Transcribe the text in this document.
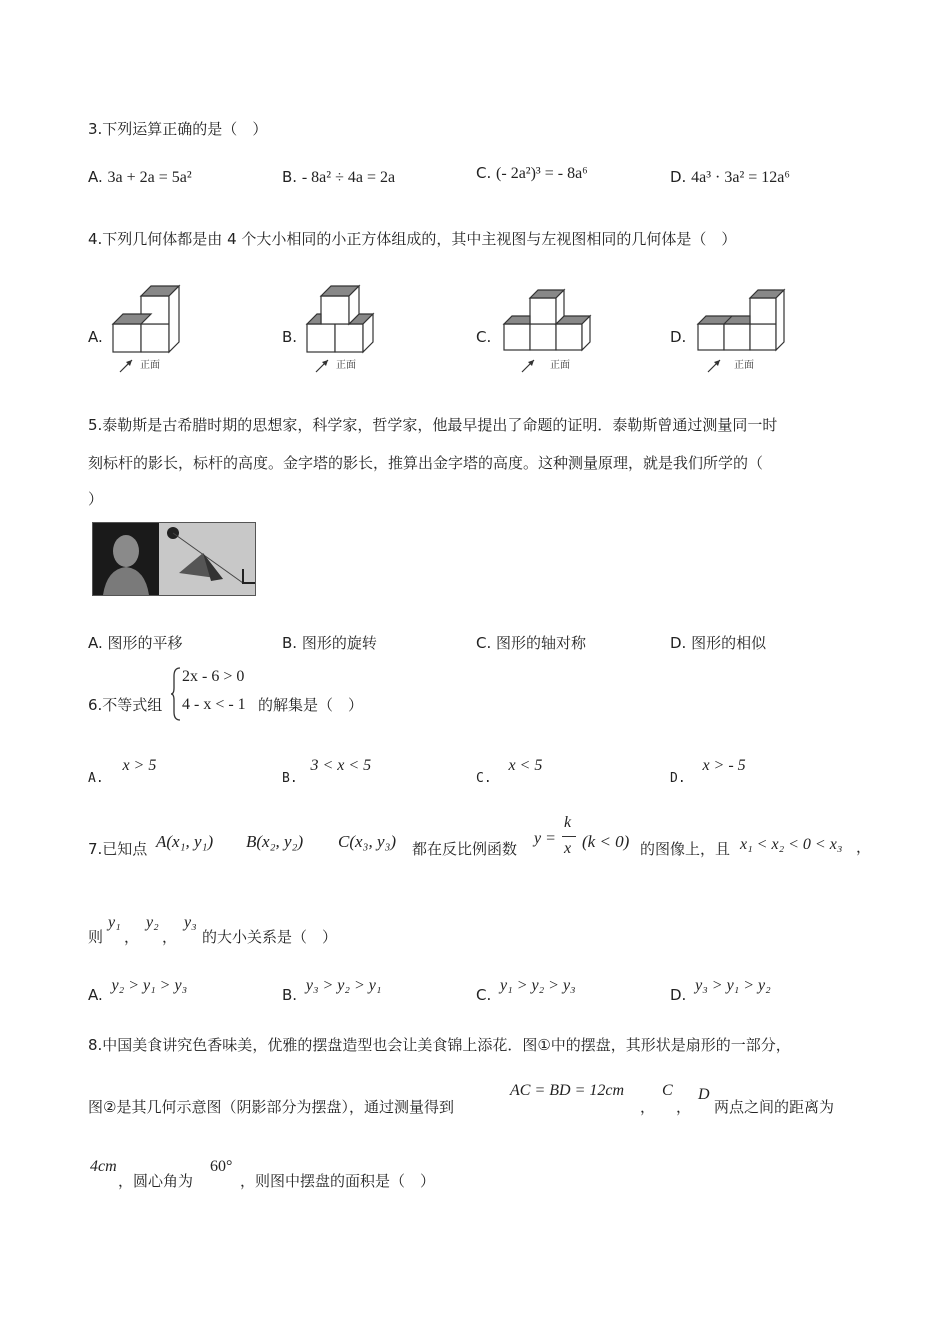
3.下列运算正确的是（　）
A. 3a + 2a = 5a²	B. - 8a² ÷ 4a = 2a	C. (- 2a²)³ = - 8a⁶	D. 4a³ · 3a² = 12a⁶
4.下列几何体都是由 4 个大小相同的小正方体组成的，其中主视图与左视图相同的几何体是（　）
A.	B.	C.	D.
正面	正面	正面	正面
5.泰勒斯是古希腊时期的思想家，科学家，哲学家，他最早提出了命题的证明．泰勒斯曾通过测量同一时
刻标杆的影长，标杆的高度。金字塔的影长，推算出金字塔的高度。这种测量原理，就是我们所学的（
）
A. 图形的平移	B. 图形的旋转	C. 图形的轴对称	D. 图形的相似
6.不等式组
2x - 6 > 0
4 - x < - 1 的解集是（　）
A. x > 5
B. 3 < x < 5
C. x < 5
D. x > - 5
7.已知点 A(x₁, y₁) B(x₂, y₂) C(x₃, y₃) 都在反比例函数
y =
k
x (k < 0) 的图像上，且 x₁ < x₂ < 0 < x₃ ，
则
y₁
，
y₂
，
y₃
的大小关系是（　）
A. y₂ > y₁ > y₃
B. y₃ > y₂ > y₁
C. y₁ > y₂ > y₃
D. y₃ > y₁ > y₂
8.中国美食讲究色香味美，优雅的摆盘造型也会让美食锦上添花．图①中的摆盘，其形状是扇形的一部分，
图②是其几何示意图（阴影部分为摆盘），通过测量得到
AC = BD = 12cm
，
C
，
D
两点之间的距离为
4cm
，圆心角为
60°
，则图中摆盘的面积是（　）
